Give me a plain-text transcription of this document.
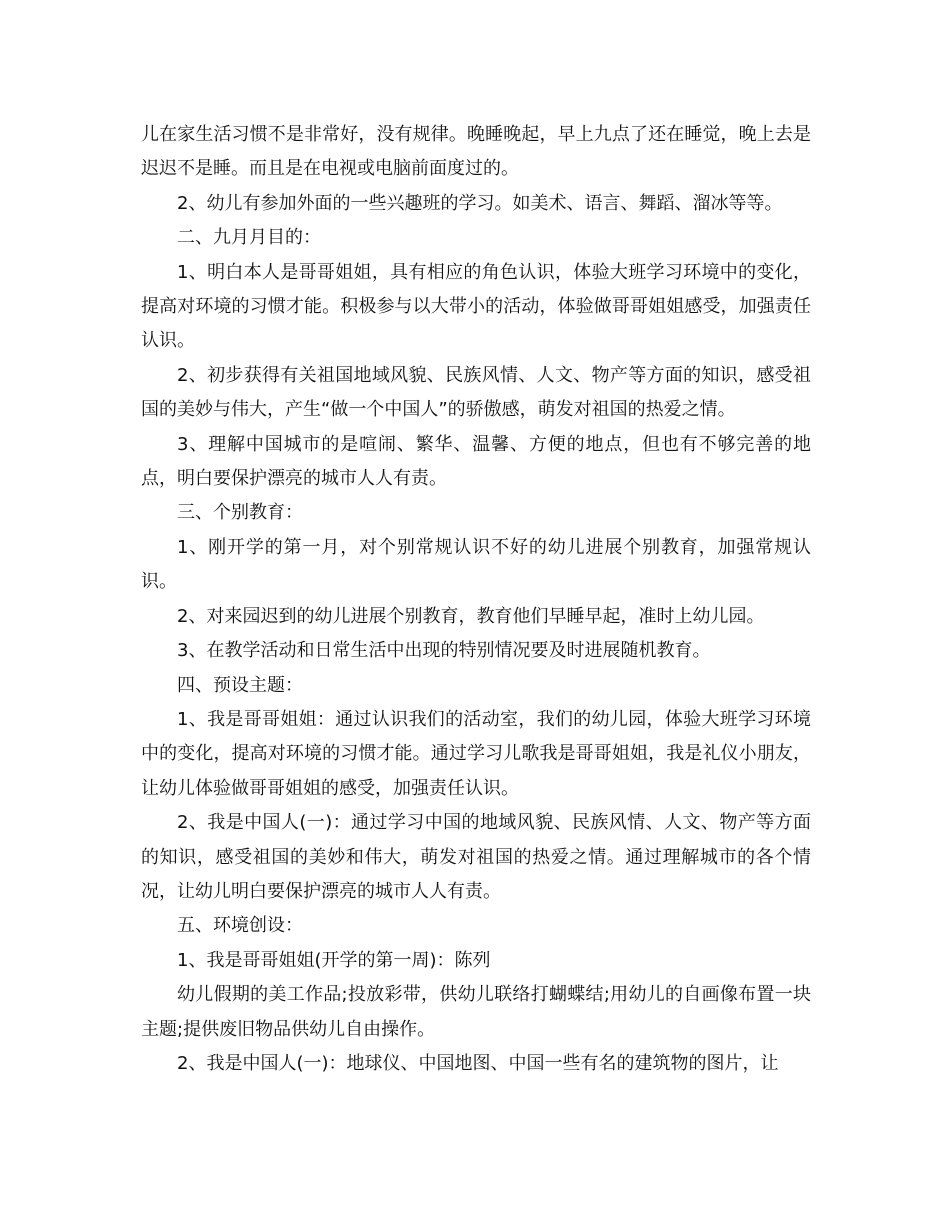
儿在家生活习惯不是非常好，没有规律。晚睡晚起，早上九点了还在睡觉，晚上去是迟迟不是睡。而且是在电视或电脑前面度过的。

2、幼儿有参加外面的一些兴趣班的学习。如美术、语言、舞蹈、溜冰等等。

二、九月月目的：

1、明白本人是哥哥姐姐，具有相应的角色认识，体验大班学习环境中的变化，提高对环境的习惯才能。积极参与以大带小的活动，体验做哥哥姐姐感受，加强责任认识。

2、初步获得有关祖国地域风貌、民族风情、人文、物产等方面的知识，感受祖国的美妙与伟大，产生“做一个中国人”的骄傲感，萌发对祖国的热爱之情。

3、理解中国城市的是喧闹、繁华、温馨、方便的地点，但也有不够完善的地点，明白要保护漂亮的城市人人有责。

三、个别教育：

1、刚开学的第一月，对个别常规认识不好的幼儿进展个别教育，加强常规认识。

2、对来园迟到的幼儿进展个别教育，教育他们早睡早起，准时上幼儿园。

3、在教学活动和日常生活中出现的特别情况要及时进展随机教育。

四、预设主题：

1、我是哥哥姐姐：通过认识我们的活动室，我们的幼儿园，体验大班学习环境中的变化，提高对环境的习惯才能。通过学习儿歌我是哥哥姐姐，我是礼仪小朋友，让幼儿体验做哥哥姐姐的感受，加强责任认识。

2、我是中国人(一)：通过学习中国的地域风貌、民族风情、人文、物产等方面的知识，感受祖国的美妙和伟大，萌发对祖国的热爱之情。通过理解城市的各个情况，让幼儿明白要保护漂亮的城市人人有责。

五、环境创设：

1、我是哥哥姐姐(开学的第一周)：陈列

幼儿假期的美工作品;投放彩带，供幼儿联络打蝴蝶结;用幼儿的自画像布置一块主题;提供废旧物品供幼儿自由操作。

2、我是中国人(一)：地球仪、中国地图、中国一些有名的建筑物的图片，让
